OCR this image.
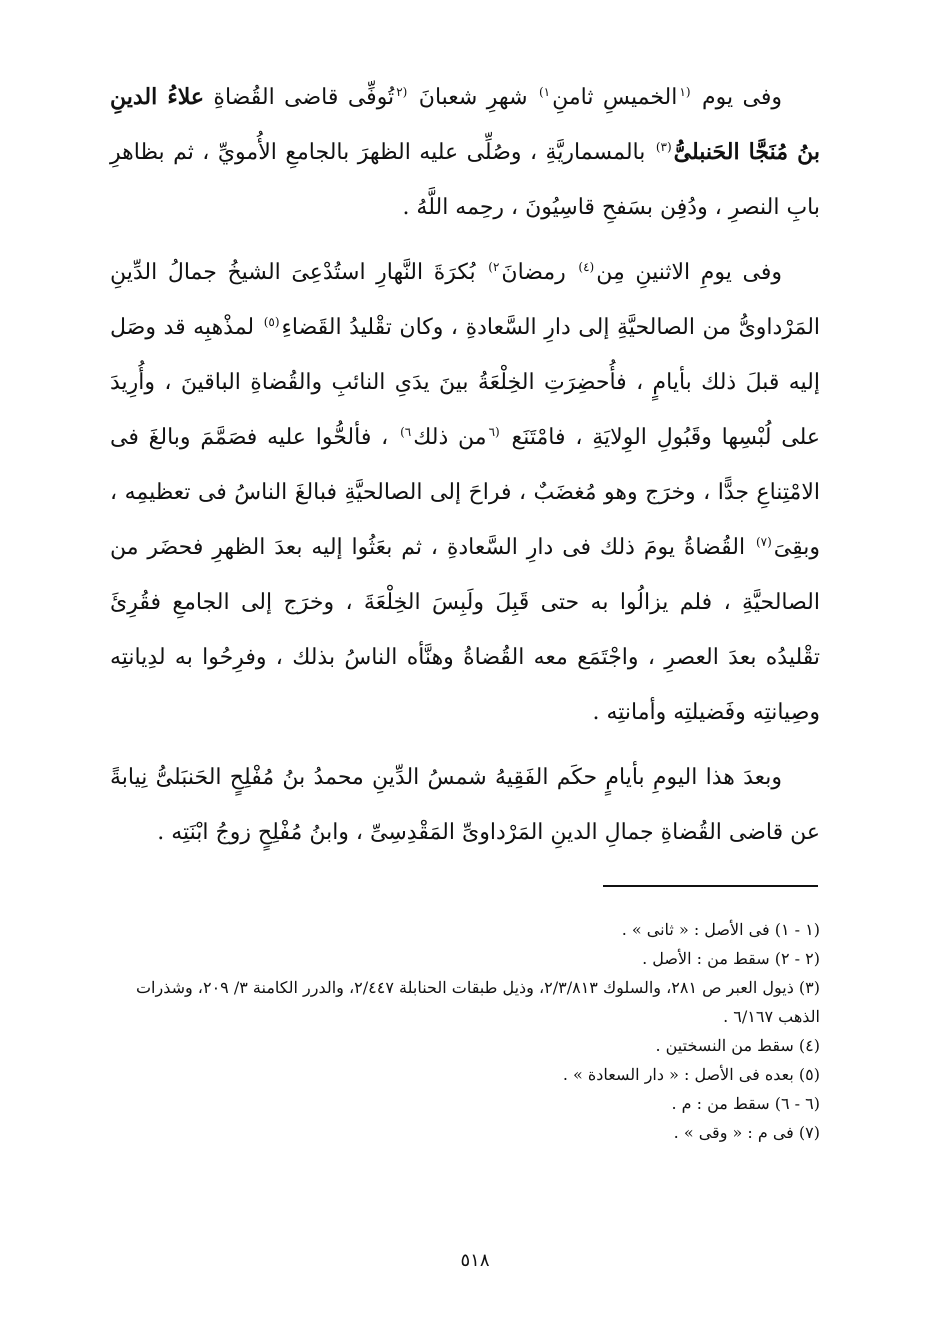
وفى يوم $^{(١}$الخميسِ ثامنِ$^{١)}$ شهرِ شعبانَ $^{(٢}$تُوفِّى قاضى القُضاةِ علاءُ الدينِ بنُ مُنَجَّا الحَنبلىُّ$^{(٣)}$ بالمسماريَّةِ ، وصُلِّى عليه الظهرَ بالجامعِ الأُمويِّ ، ثم بظاهرِ بابِ النصرِ ، ودُفِن بسَفحِ قاسِيُونَ ، رحِمه اللَّهُ .

وفى يومِ الاثنينِ مِن$^{(٤)}$ رمضانَ$^{٢)}$ بُكرَةَ النَّهارِ استُدْعِىَ الشيخُ جمالُ الدِّينِ المَرْداوىُّ من الصالحيَّةِ إلى دارِ السَّعادةِ ، وكان تقْليدُ القَضاءِ$^{(٥)}$ لمذْهبِه قد وصَل إليه قبلَ ذلك بأيامٍ ، فأُحضِرَتِ الخِلْعَةُ بينَ يدَىِ النائبِ والقُضاةِ الباقينَ ، وأُرِيدَ على لُبْسِها وقَبُولِ الوِلايَةِ ، فامْتَنَع $^{(٦}$من ذلك$^{٦)}$ ، فألحُّوا عليه فصَمَّمَ وبالغَ فى الامْتِناعِ جدًّا ، وخرَج وهو مُغضَبٌ ، فراحَ إلى الصالحيَّةِ فبالغَ الناسُ فى تعظيمِه ، وبقِىَ$^{(٧)}$ القُضاةُ يومَ ذلك فى دارِ السَّعادةِ ، ثم بعَثُوا إليه بعدَ الظهرِ فحضَر من الصالحيَّةِ ، فلم يزالُوا به حتى قَبِلَ ولَبِسَ الخِلْعَةَ ، وخرَج إلى الجامعِ فقُرِئَ تقْليدُه بعدَ العصرِ ، واجْتَمَع معه القُضاةُ وهنَّأه الناسُ بذلك ، وفرِحُوا به لدِيانتِه وصِيانتِه وفَضيلتِه وأمانتِه .

وبعدَ هذا اليومِ بأيامٍ حكَم الفَقِيهُ شمسُ الدِّينِ محمدُ بنُ مُفْلِحٍ الحَنبَلىُّ نِيابةً عن قاضى القُضاةِ جمالِ الدينِ المَرْداوىِّ المَقْدِسِىِّ ، وابنُ مُفْلِحٍ زوجُ ابْنَتِه .

(١ - ١) فى الأصل : « ثانى » .

(٢ - ٢) سقط من : الأصل .

(٣) ذيول العبر ص ٢٨١، والسلوك ٢/٣/٨١٣، وذيل طبقات الحنابلة ٢/٤٤٧، والدرر الكامنة ٣/ ٢٠٩، وشذرات الذهب ٦/١٦٧ .

(٤) سقط من النسختين .

(٥) بعده فى الأصل : « دار السعادة » .

(٦ - ٦) سقط من : م .

(٧) فى م : « وقى » .

٥١٨
